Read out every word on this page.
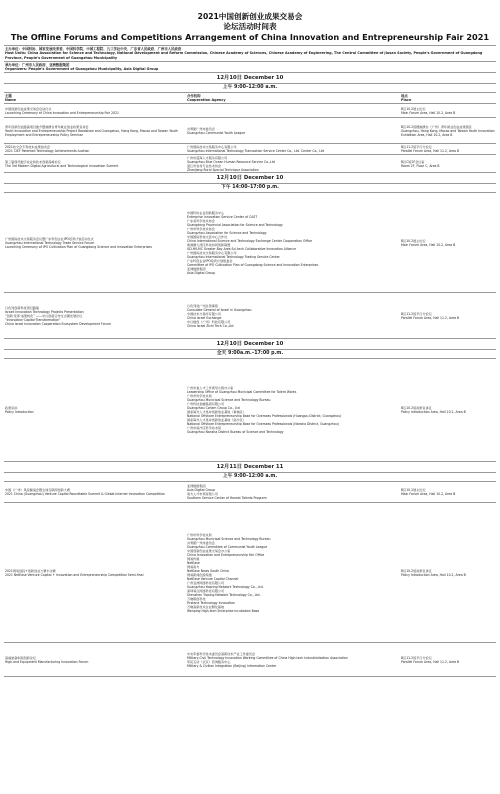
2021中国创新创业成果交易会
论坛活动时间表
The Offline Forums and Competitions Arrangement of China Innovation and Entrepreneurship Fair 2021
主办单位：中国科协、国家发展改革委、中国科学院、中国工程院、九三学社中央、广东省人民政府、广州市人民政府
Host Units: China Association for Science and Technology, National Development and Reform Commission, Chinese Academy of Sciences, Chinese Academy of Engineering, The Central Committee of Jiusan Society, People's Government of Guangdong Province, People's Government of Guangzhou Municipality
承办单位：广州市人民政府、亚洲数据集团
Organizers: People's Government of Guangzhou Municipality, Asia Digital Group
12月10日 December 10
上午 9:00–12:00 a.m.
主题
Name
合作机构
Cooperation Agency
地点
Place
中国创新创业成果交易会启动仪式
Launching Ceremony of China Innovation and Entrepreneurship Fair 2021
B区10.2展主论坛
Main Forum Area, Hall 10.2, Area B
青年创新创业路演项目推介暨港澳台青年就业创业政策宣讲会
Youth Innovation and Entrepreneurship Project Roadshow and Guangzhou, Hong Kong, Macao and Taiwan Youth Employment and Entrepreneurship Policy Seminar
共青团广州市委员会
Guangzhou Communist Youth League
B区10.2馆穗港澳台（广州）青年就业创业成果展区
Guangzhou, Hong Kong, Macao and Taiwan Youth Innovation Exhibition Area, Hall 10.2, Area B
2021技交会专利技术成果拍卖会
2021 CIEF Patented Technology Achievements Auction
广州国际技术交易服务中心有限公司
Guangzhou International Technology Transaction Service Center Co., Ltd. Center Co., Ltd
B区11.2馆平行分论坛
Parallel Forum Area, Hall 11.2, Area B
第三届现代数字农业和技术创新高峰论坛
The 3rd Modern Digital Agricultural and Technological Innovation Summit
广州市蓝海人才服务有限公司
Guangzhou Blue Ocean Human Resource Service Co.,Ltd
湛江市农村专业技术协会
Zhanjiang Rural Special Technique Association
B区C馆2F会议室
Room 2F, Floor C, Area B
12月10日 December 10
下午 14:00–17:00 p.m.
广州国际技术交易服务会议暨广东科创企业IPO培育计划启动仪式
Guangzhou International Technology Trade Service Forum
Launching Ceremony of IPO Cultivation Plan of Guangdong Science and Innovation Enterprises
中国科协企业创新服务中心
Enterprise Innovation Service Center of CAST
广东省科学技术协会
Guangdong Provincial Association for Science and Technology
广州市科学技术协会
Guangzhou Association for Science and Technology
中国国际科技交流中心合作处
China International Science and Technology Exchange Center Cooperation Office
粤港澳大湾区科技协同创新联盟
GD-HK-MC Greater Bay Area Sci-tech Collaborative Innovation Alliance
广州国际技术交易服务中心有限公司
Guangzhou International Technology Trading Service Center
广东科创企业IPO培育计划组委会
Committee of IPO Cultivation Plan of Guangdong Science and Innovation Enterprises
亚洲数据集团
Asia Digital Group
B区10.2展主论坛
Main Forum Area, Hall 10.2, Area B
以色列创新科技项目路演
Israeli Innovation Technology Projects Presentation
“创新·变革·成果转化” ——中以创新合作生态圈发展论坛
“Innovation·Capital·Transformation”
China Israel Innovation Cooperation Ecosystem Development Forum
以色列驻广州总领事馆
Consulate General of Israel in Guangzhou
中国技术交易所有限公司
China Israel Exchange
中以数创（广州）科技有限公司
China Israel Zichi Tech Co.,Ltd
B区11.2馆平行分论坛
Parallel Forum Area, Hall 11.2, Area B
12月10日 December 10
全天 9:00a.m.–17:00 p.m.
政策宣讲
Policy Introduction
广州市委人才工作领导小组办公室
Leadership Office of Guangzhou Municipal Committee for Talent Works
广州市科学技术局
Guangzhou Municipal Science and Technology Bureau
广州科技金融集团有限公司
Guangzhou Conkm Group Co., Ltd
国家海外人才离岸创新创业基地（黄埔区）
National Offshore Entrepreneurship Base for Overseas Professionals (Huangpu District, Guangzhou)
国家海外人才离岸创新创业基地（南沙区）
National Offshore Entrepreneurship Base for Overseas Professionals (Nansha District, Guangzhou)
广州市南沙区科学技术局
Guangzhou Nansha District Bureau of Science and Technology
B区10.2馆政策宣讲区
Policy Introduction Area, Hall 10.2, Area B
12月11日 December 11
上午 9:00–12:00 a.m.
中国（广州）风投圆桌会暨全球互联网创新大赛
2021 China (Guangzhou) Venture Capital Roundtable Summit & Global Internet Innovation Competition
亚洲数据集团
Asia Digital Group
南方人才市场有限公司
Southern Service Center of Honest Talents Program
B区10.2展主论坛
Main Forum Area, Hall 10.2, Area B
2021网易创投+创新创业大赛半决赛
2021 NetEase Venture Capital + Innovation and Entrepreneurship Competition Semi-final
广州市科学技术局
Guangzhou Municipal Science and Technology Bureau
共青团广州市委员会
Guangzhou Committee of Communist Youth League
中国创新创业成果交易会办公室
China Innovation and Entrepreneurship Fair Office
网易传媒
NetEase
网易南方
NetEase News South China
网易新闻创投频道
NetEase Venture Capital Channel
广州亚洲网络科技有限公司
Guangzhou Yaqxing Network Technology Co., Ltd.
深圳易点网络科技有限公司
Shenzhen Yiqxing Network Technology Co., Ltd.
万晓联创科技
Firstand Technology Innovation
万晓高新技术企业孵化基地
Wenping High-tech Enterprise Incubation Base
B区10.2馆政策宣讲区
Policy Introduction Area, Hall 10.2, Area B
高端装备制造创新论坛
High-end Equipment Manufacturing Innovation Forum
中央军委科学技术委员会高新技术产业工作委员会
Military-Civil Technology Innovation Working Committee of China High-tech Industrialization Association
军民互动（北京）咨询服务中心
Military & Civilian Integration (Beijing) Information Center
B区11.2馆平行分论坛
Parallel Forum Area, Hall 11.2, Area B
